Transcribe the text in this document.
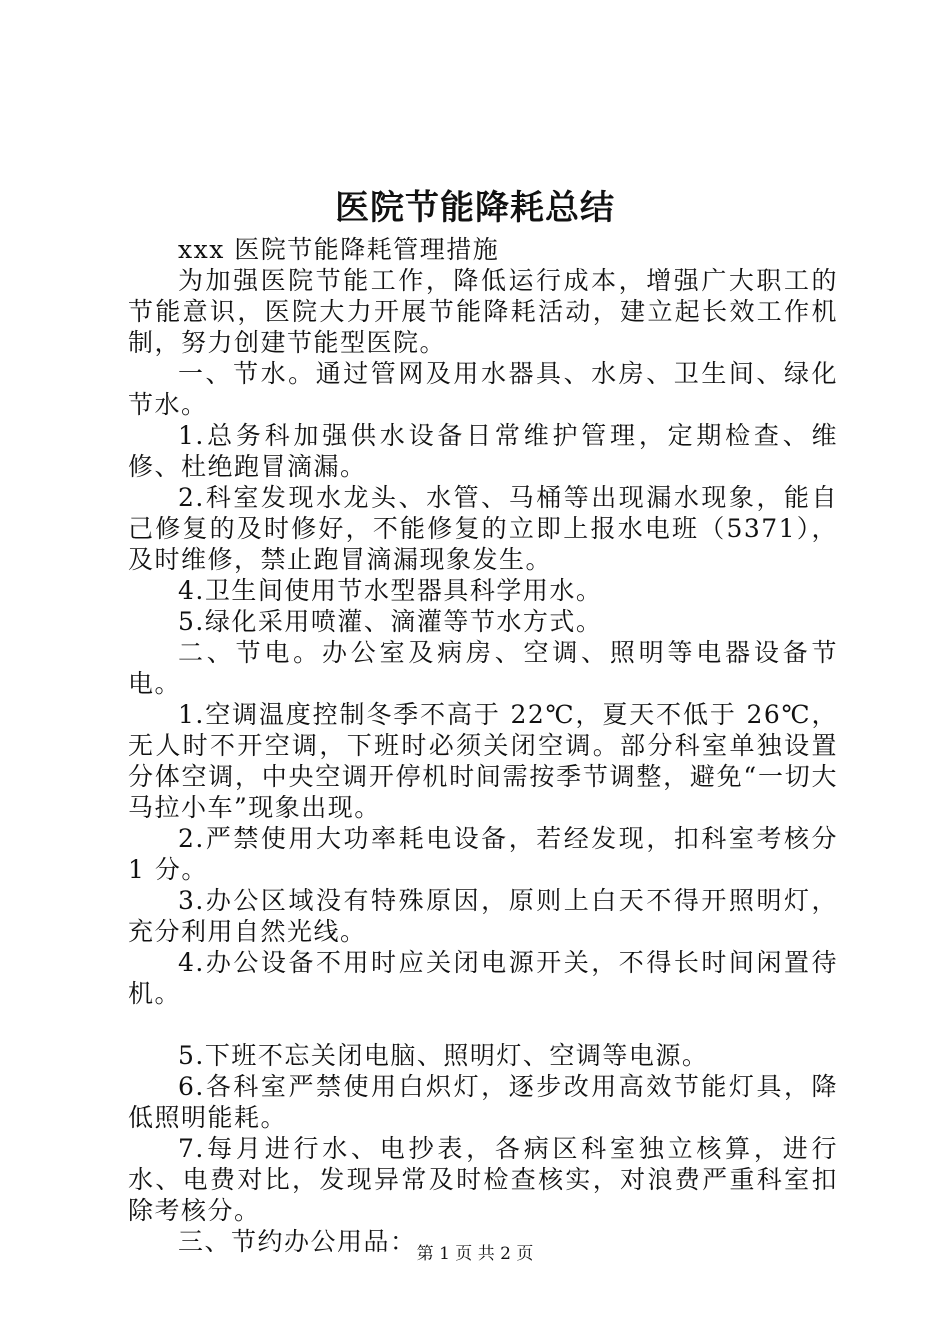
医院节能降耗总结

xxx 医院节能降耗管理措施

为加强医院节能工作，降低运行成本，增强广大职工的节能意识，医院大力开展节能降耗活动，建立起长效工作机制，努力创建节能型医院。

一、节水。通过管网及用水器具、水房、卫生间、绿化节水。

1.总务科加强供水设备日常维护管理，定期检查、维修、杜绝跑冒滴漏。

2.科室发现水龙头、水管、马桶等出现漏水现象，能自己修复的及时修好，不能修复的立即上报水电班（5371），及时维修，禁止跑冒滴漏现象发生。

4.卫生间使用节水型器具科学用水。

5.绿化采用喷灌、滴灌等节水方式。

二、节电。办公室及病房、空调、照明等电器设备节电。

1.空调温度控制冬季不高于 22℃，夏天不低于 26℃，无人时不开空调，下班时必须关闭空调。部分科室单独设置分体空调，中央空调开停机时间需按季节调整，避免“一切大马拉小车”现象出现。

2.严禁使用大功率耗电设备，若经发现，扣科室考核分 1 分。

3.办公区域没有特殊原因，原则上白天不得开照明灯，充分利用自然光线。

4.办公设备不用时应关闭电源开关，不得长时间闲置待机。

5.下班不忘关闭电脑、照明灯、空调等电源。

6.各科室严禁使用白炽灯，逐步改用高效节能灯具，降低照明能耗。

7.每月进行水、电抄表，各病区科室独立核算，进行水、电费对比，发现异常及时检查核实，对浪费严重科室扣除考核分。

三、节约办公用品： 第 1 页 共 2 页
